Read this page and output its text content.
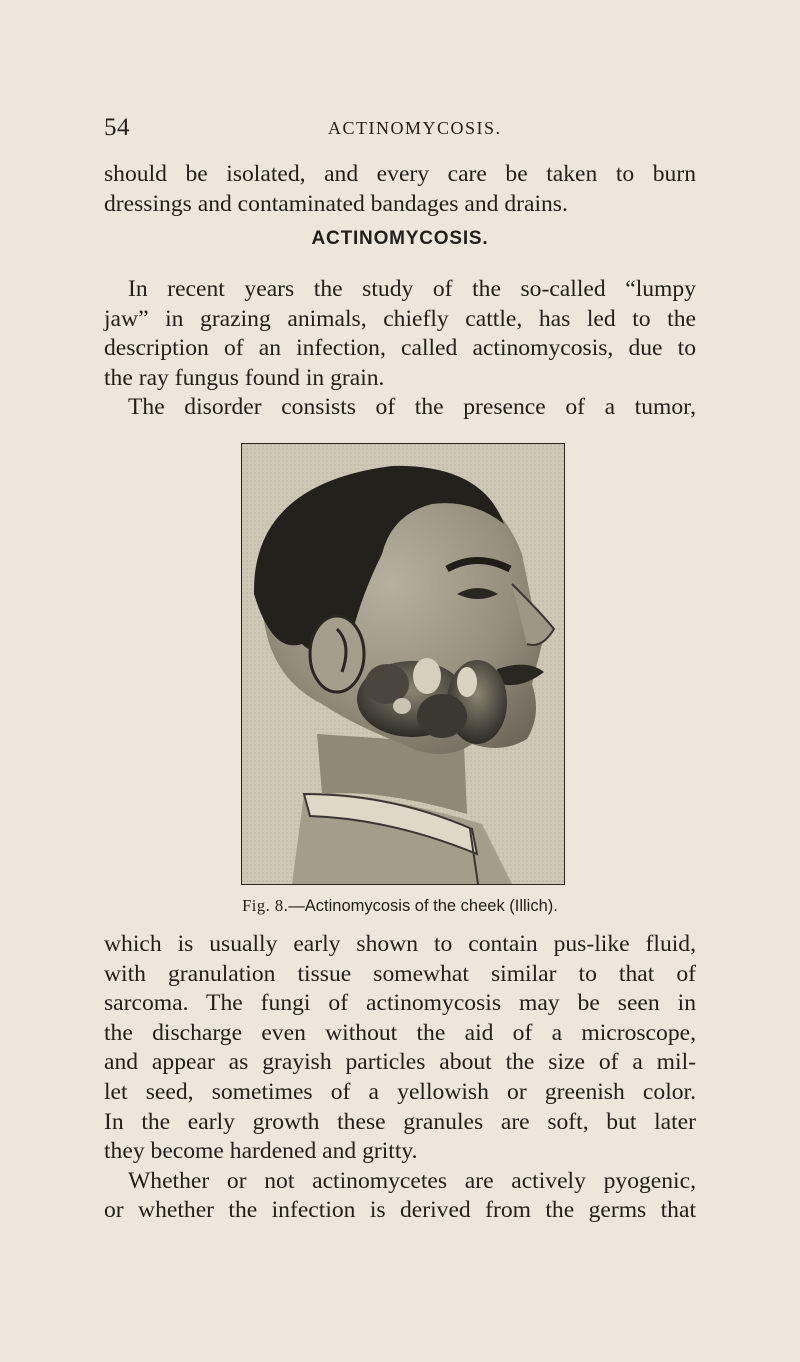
54	ACTINOMYCOSIS.

should be isolated, and every care be taken to burn

dressings and contaminated bandages and drains.

ACTINOMYCOSIS.

In recent years the study of the so-called “lumpy

jaw” in grazing animals, chiefly cattle, has led to the

description of an infection, called actinomycosis, due to

the ray fungus found in grain.

The disorder consists of the presence of a tumor,

Fig. 8.—Actinomycosis of the cheek (Illich).

which is usually early shown to contain pus-like fluid,

with granulation tissue somewhat similar to that of

sarcoma. The fungi of actinomycosis may be seen in

the discharge even without the aid of a microscope,

and appear as grayish particles about the size of a mil-

let seed, sometimes of a yellowish or greenish color.

In the early growth these granules are soft, but later

they become hardened and gritty.

Whether or not actinomycetes are actively pyogenic,

or whether the infection is derived from the germs that
